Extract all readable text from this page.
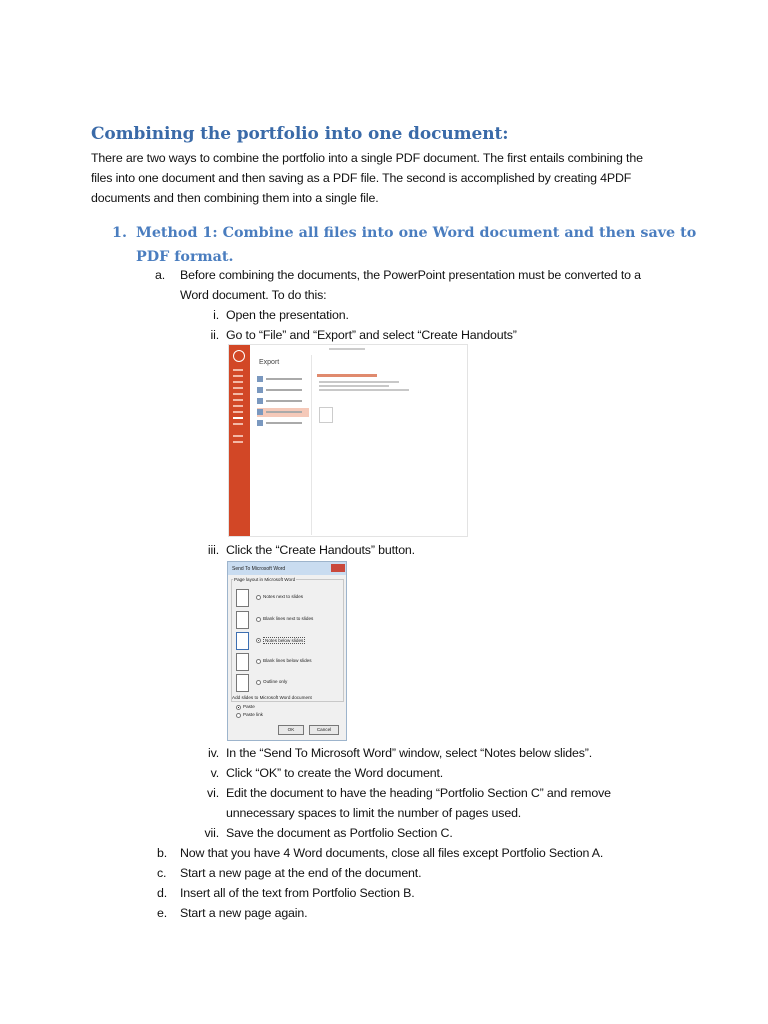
Combining the portfolio into one document:
There are two ways to combine the portfolio into a single PDF document. The first entails combining the
files into one document and then saving as a PDF file. The second is accomplished by creating 4PDF
documents and then combining them into a single file.
1. Method 1: Combine all files into one Word document and then save to
PDF format.
a. Before combining the documents, the PowerPoint presentation must be converted to a
Word document. To do this:
i. Open the presentation.
ii. Go to “File” and “Export” and select “Create Handouts”
Export
iii. Click the “Create Handouts” button.
Send To Microsoft Word
Page layout in Microsoft Word
Notes next to slides
Blank lines next to slides
Notes below slides
Blank lines below slides
Outline only
Add slides to Microsoft Word document
Paste
Paste link
OK	Cancel
iv. In the “Send To Microsoft Word” window, select “Notes below slides”.
v. Click “OK” to create the Word document.
vi. Edit the document to have the heading “Portfolio Section C” and remove
unnecessary spaces to limit the number of pages used.
vii. Save the document as Portfolio Section C.
b. Now that you have 4 Word documents, close all files except Portfolio Section A.
c. Start a new page at the end of the document.
d. Insert all of the text from Portfolio Section B.
e. Start a new page again.
